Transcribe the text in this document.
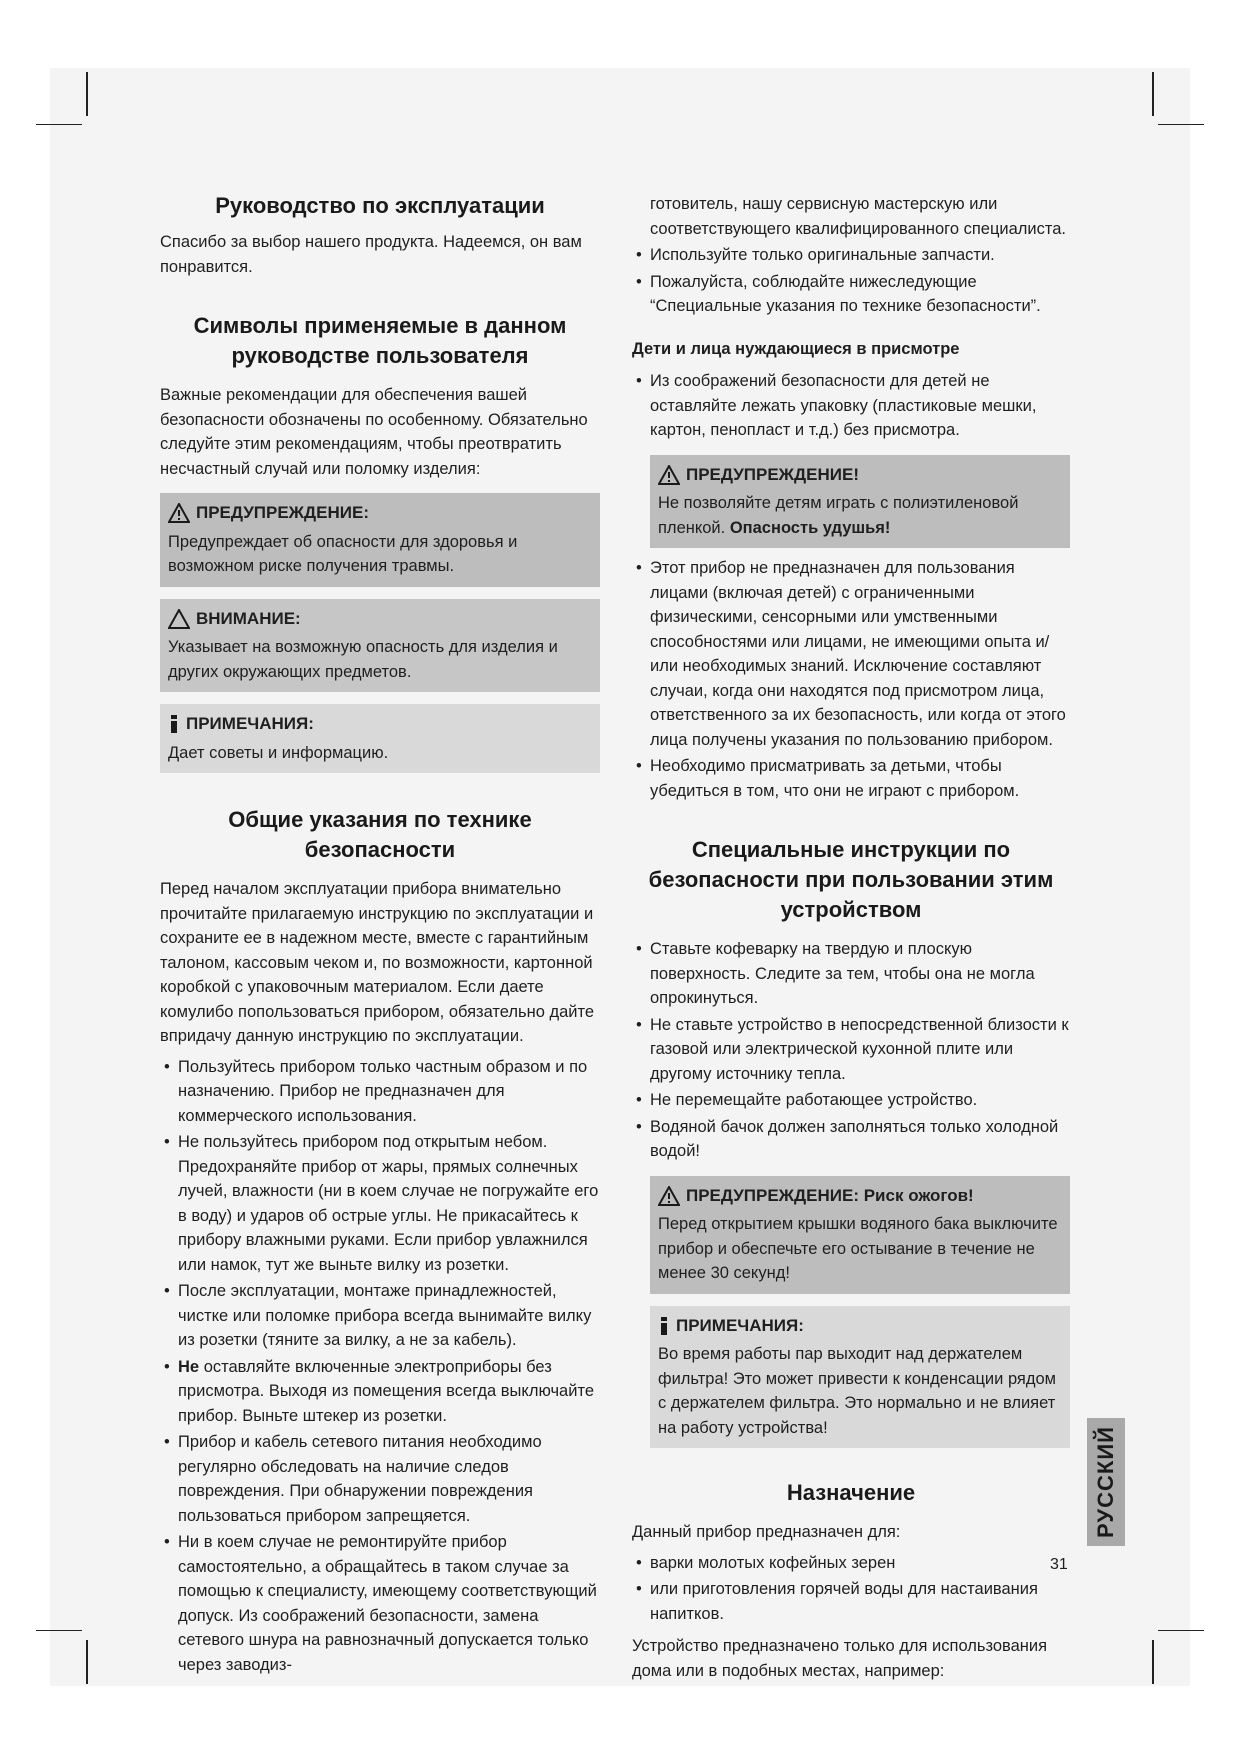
Руководство по эксплуатации

Спасибо за выбор нашего продукта. Надеемся, он вам понравится.

Символы применяемые в данном руководстве пользователя

Важные рекомендации для обеспечения вашей безопасности обозначены по особенному. Обязательно следуйте этим рекомендациям, чтобы преотвратить несчастный случай или поломку изделия:

ПРЕДУПРЕЖДЕНИЕ:
Предупреждает об опасности для здоровья и возможном риске получения травмы.
ВНИМАНИЕ:
Указывает на возможную опасность для изделия и других окружающих предметов.
ПРИМЕЧАНИЯ:
Дает советы и информацию.
Общие указания по технике безопасности

Перед началом эксплуатации прибора внимательно прочитайте прилагаемую инструкцию по эксплуатации и сохраните ее в надежном месте, вместе с гарантийным талоном, кассовым чеком и, по возможности, картонной коробкой с упаковочным материалом. Если даете комулибо попользоваться прибором, обязательно дайте впридачу данную инструкцию по эксплуатации.

• Пользуйтесь прибором только частным образом и по назначению. Прибор не предназначен для коммерческого использования.
• Не пользуйтесь прибором под открытым небом. Предохраняйте прибор от жары, прямых солнечных лучей, влажности (ни в коем случае не погружайте его в воду) и ударов об острые углы. Не прикасайтесь к прибору влажными руками. Если прибор увлажнился или намок, тут же выньте вилку из розетки.
• После эксплуатации, монтаже принадлежностей, чистке или поломке прибора всегда вынимайте вилку из розетки (тяните за вилку, а не за кабель).
• Не оставляйте включенные электроприборы без присмотра. Выходя из помещения всегда выключайте прибор. Выньте штекер из розетки.
• Прибор и кабель сетевого питания необходимо регулярно обследовать на наличие следов повреждения. При обнаружении повреждения пользоваться прибором запрещяется.
• Ни в коем случае не ремонтируйте прибор самостоятельно, а обращайтесь в таком случае за помощью к специалисту, имеющему соответствующий допуск. Из соображений безопасности, замена сетевого шнура на равнозначный допускается только через заводиз-
готовитель, нашу сервисную мастерскую или соответствующего квалифицированного специалиста.
• Используйте только оригинальные запчасти.
• Пожалуйста, соблюдайте нижеследующие “Специальные указания по технике безопасности”.
Дети и лица нуждающиеся в присмотре
• Из соображений безопасности для детей не оставляйте лежать упаковку (пластиковые мешки, картон, пенопласт и т.д.) без присмотра.
ПРЕДУПРЕЖДЕНИЕ!
Не позволяйте детям играть с полиэтиленовой пленкой. Опасность удушья!
• Этот прибор не предназначен для пользования лицами (включая детей) с ограниченными физическими, сенсорными или умственными способностями или лицами, не имеющими опыта и/или необходимых знаний. Исключение составляют случаи, когда они находятся под присмотром лица, ответственного за их безопасность, или когда от этого лица получены указания по пользованию прибором.
• Необходимо присматривать за детьми, чтобы убедиться в том, что они не играют с прибором.
Специальные инструкции по безопасности при пользовании этим устройством
• Ставьте кофеварку на твердую и плоскую поверхность. Следите за тем, чтобы она не могла опрокинуться.
• Не ставьте устройство в непосредственной близости к газовой или электрической кухонной плите или другому источнику тепла.
• Не перемещайте работающее устройство.
• Водяной бачок должен заполняться только холодной водой!
ПРЕДУПРЕЖДЕНИЕ: Риск ожогов!
Перед открытием крышки водяного бака выключите прибор и обеспечьте его остывание в течение не менее 30 секунд!
ПРИМЕЧАНИЯ:
Во время работы пар выходит над держателем фильтра! Это может привести к конденсации рядом с держателем фильтра. Это нормально и не влияет на работу устройства!
Назначение

Данный прибор предназначен для:

• варки молотых кофейных зерен
• или приготовления горячей воды для настаивания напитков.

Устройство предназначено только для использования дома или в подобных местах, например:

РУССКИЙ
31
